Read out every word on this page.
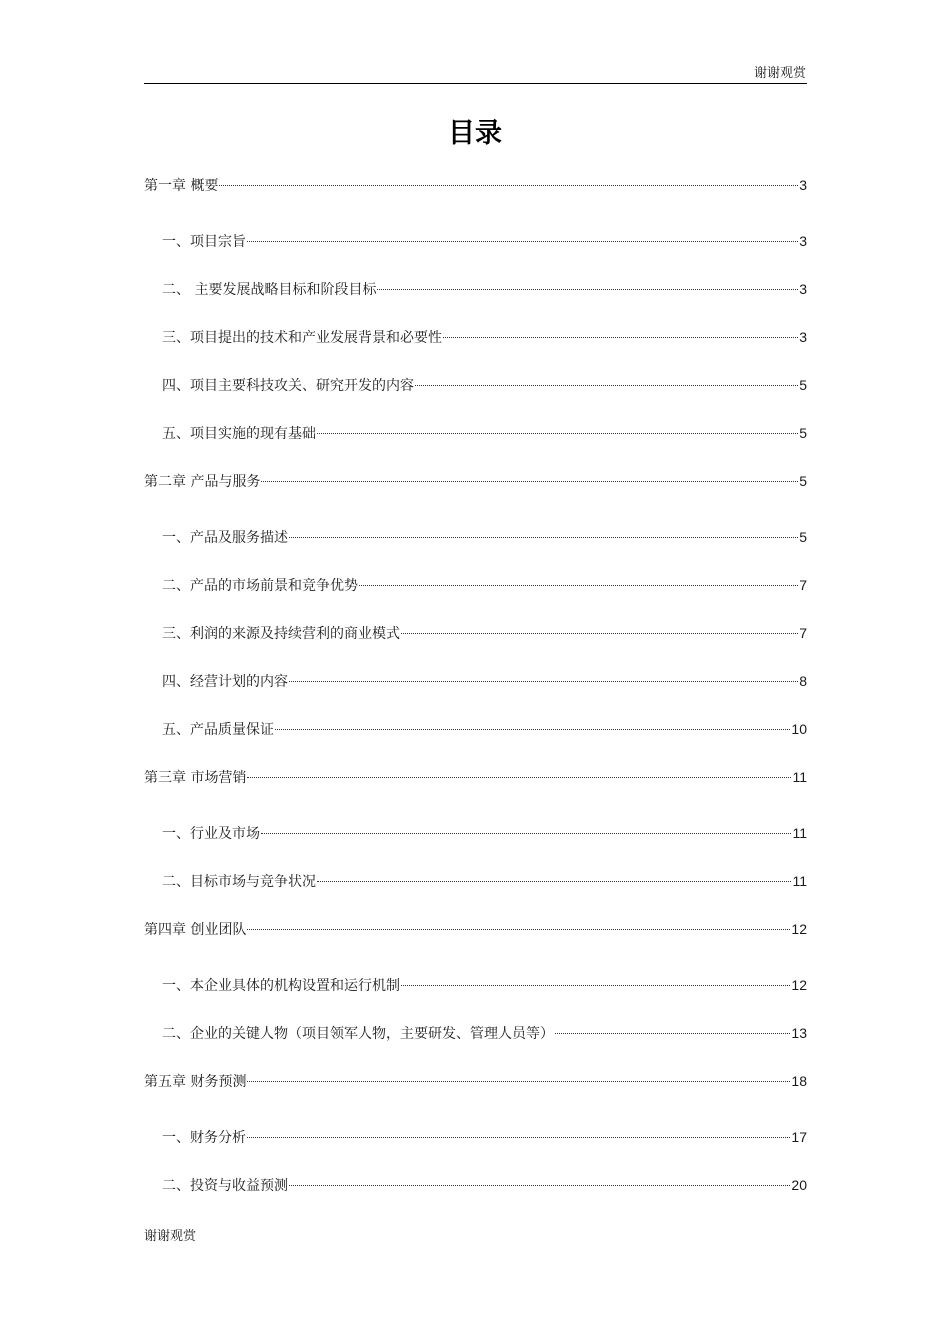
谢谢观赏
目录
第一章 概要	3
一、项目宗旨	3
二、 主要发展战略目标和阶段目标	3
三、项目提出的技术和产业发展背景和必要性	3
四、项目主要科技攻关、研究开发的内容	5
五、项目实施的现有基础	5
第二章 产品与服务	5
一、产品及服务描述	5
二、产品的市场前景和竞争优势	7
三、利润的来源及持续营利的商业模式	7
四、经营计划的内容	8
五、产品质量保证	10
第三章 市场营销	11
一、行业及市场	11
二、目标市场与竞争状况	11
第四章 创业团队	12
一、本企业具体的机构设置和运行机制	12
二、企业的关键人物（项目领军人物，主要研发、管理人员等）	13
第五章 财务预测	18
一、财务分析	17
二、投资与收益预测	20
谢谢观赏
